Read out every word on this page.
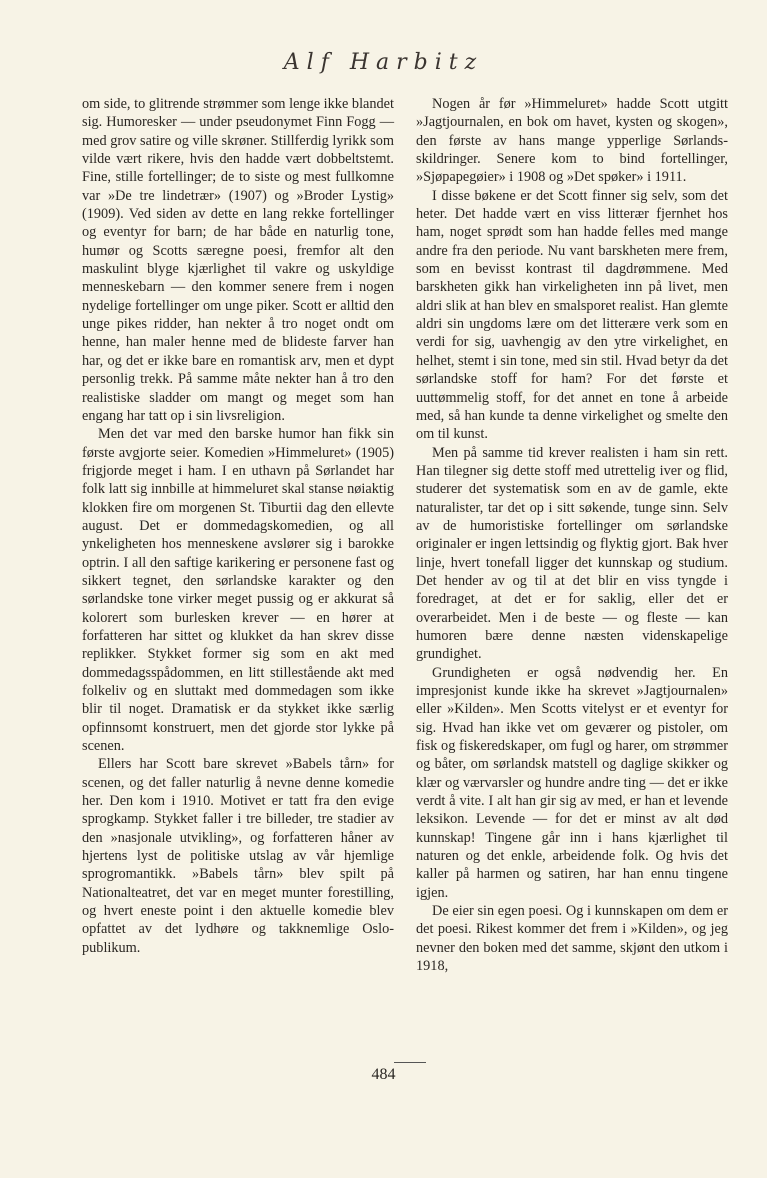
Alf Harbitz

om side, to glitrende strømmer som lenge ikke blandet sig. Humoresker — under pseudonymet Finn Fogg — med grov satire og ville skrøner. Stillferdig lyrikk som vilde vært rikere, hvis den hadde vært dobbeltstemt. Fine, stille fortellinger; de to siste og mest fullkomne var »De tre lindetrær» (1907) og »Broder Lystig» (1909). Ved siden av dette en lang rekke fortellinger og eventyr for barn; de har både en naturlig tone, humør og Scotts særegne poesi, fremfor alt den maskulint blyge kjærlighet til vakre og uskyldige menneskebarn — den kommer senere frem i nogen nydelige fortellinger om unge piker. Scott er alltid den unge pikes ridder, han nekter å tro noget ondt om henne, han maler henne med de blideste farver han har, og det er ikke bare en romantisk arv, men et dypt personlig trekk. På samme måte nekter han å tro den realistiske sladder om mangt og meget som han engang har tatt op i sin livsreligion.

Men det var med den barske humor han fikk sin første avgjorte seier. Komedien »Himmeluret» (1905) frigjorde meget i ham. I en uthavn på Sørlandet har folk latt sig innbille at himmeluret skal stanse nøiaktig klokken fire om morgenen St. Tiburtii dag den ellevte august. Det er dommedagskomedien, og all ynkeligheten hos menneskene avslører sig i barokke optrin. I all den saftige karikering er personene fast og sikkert tegnet, den sørlandske karakter og den sørlandske tone virker meget pussig og er akkurat så kolorert som burlesken krever — en hører at forfatteren har sittet og klukket da han skrev disse replikker. Stykket former sig som en akt med dommedagsspådommen, en litt stillestående akt med folkeliv og en sluttakt med dommedagen som ikke blir til noget. Dramatisk er da stykket ikke særlig opfinnsomt konstruert, men det gjorde stor lykke på scenen.

Ellers har Scott bare skrevet »Babels tårn» for scenen, og det faller naturlig å nevne denne komedie her. Den kom i 1910. Motivet er tatt fra den evige sprogkamp. Stykket faller i tre billeder, tre stadier av den »nasjonale utvikling», og forfatteren håner av hjertens lyst de politiske utslag av vår hjemlige sprogromantikk. »Babels tårn» blev spilt på Nationalteatret, det var en meget munter forestilling, og hvert eneste point i den aktuelle komedie blev opfattet av det lydhøre og takknemlige Oslo-publikum.

Nogen år før »Himmeluret» hadde Scott utgitt »Jagtjournalen, en bok om havet, kysten og skogen», den første av hans mange ypperlige Sørlands-skildringer. Senere kom to bind fortellinger, »Sjøpapegøier» i 1908 og »Det spøker» i 1911.

I disse bøkene er det Scott finner sig selv, som det heter. Det hadde vært en viss litterær fjernhet hos ham, noget sprødt som han hadde felles med mange andre fra den periode. Nu vant barskheten mere frem, som en bevisst kontrast til dagdrømmene. Med barskheten gikk han virkeligheten inn på livet, men aldri slik at han blev en smalsporet realist. Han glemte aldri sin ungdoms lære om det litterære verk som en verdi for sig, uavhengig av den ytre virkelighet, en helhet, stemt i sin tone, med sin stil. Hvad betyr da det sørlandske stoff for ham? For det første et uuttømmelig stoff, for det annet en tone å arbeide med, så han kunde ta denne virkelighet og smelte den om til kunst.

Men på samme tid krever realisten i ham sin rett. Han tilegner sig dette stoff med utrettelig iver og flid, studerer det systematisk som en av de gamle, ekte naturalister, tar det op i sitt søkende, tunge sinn. Selv av de humoristiske fortellinger om sørlandske originaler er ingen lettsindig og flyktig gjort. Bak hver linje, hvert tonefall ligger det kunnskap og studium. Det hender av og til at det blir en viss tyngde i foredraget, at det er for saklig, eller det er overarbeidet. Men i de beste — og fleste — kan humoren bære denne næsten videnskapelige grundighet.

Grundigheten er også nødvendig her. En impresjonist kunde ikke ha skrevet »Jagtjournalen» eller »Kilden». Men Scotts vitelyst er et eventyr for sig. Hvad han ikke vet om geværer og pistoler, om fisk og fiskeredskaper, om fugl og harer, om strømmer og båter, om sørlandsk matstell og daglige skikker og klær og værvarsler og hundre andre ting — det er ikke verdt å vite. I alt han gir sig av med, er han et levende leksikon. Levende — for det er minst av alt død kunnskap! Tingene går inn i hans kjærlighet til naturen og det enkle, arbeidende folk. Og hvis det kaller på harmen og satiren, har han ennu tingene igjen.

De eier sin egen poesi. Og i kunnskapen om dem er det poesi. Rikest kommer det frem i »Kilden», og jeg nevner den boken med det samme, skjønt den utkom i 1918,

484
